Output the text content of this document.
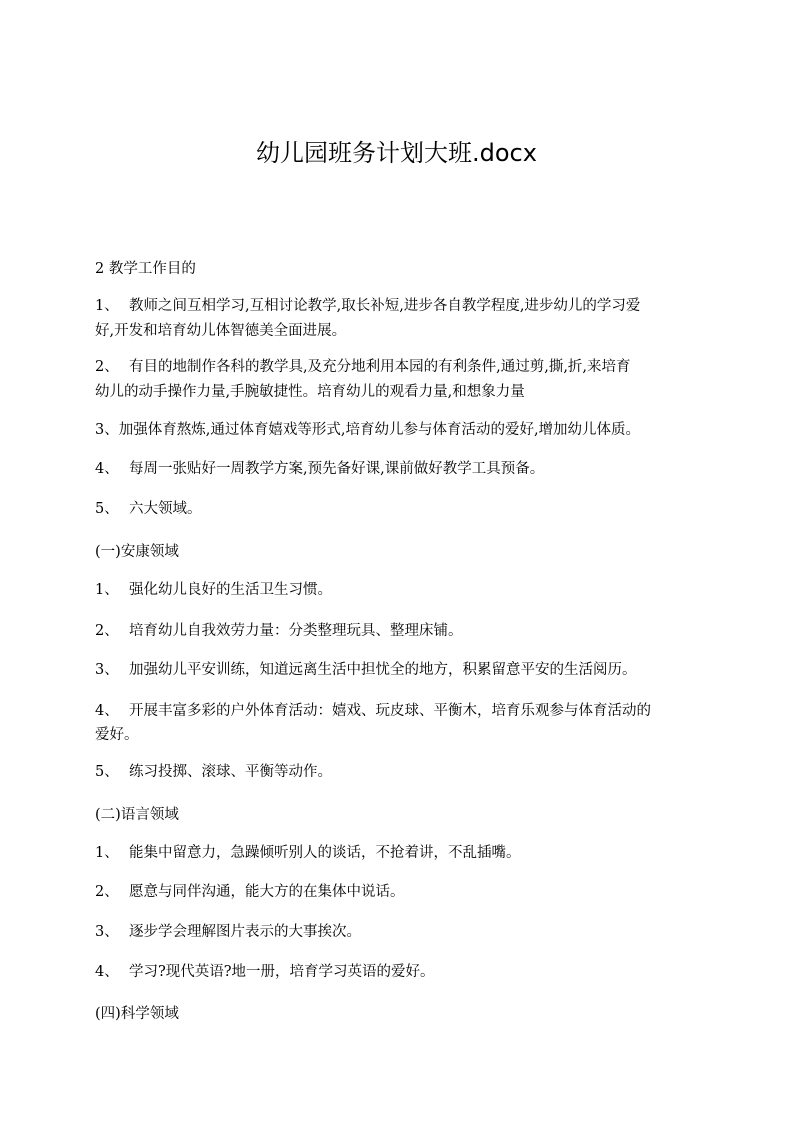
幼儿园班务计划大班.docx

2 教学工作目的

1、 教师之间互相学习,互相讨论教学,取长补短,进步各自教学程度,进步幼儿的学习爱

好,开发和培育幼儿体智德美全面进展。

2、 有目的地制作各科的教学具,及充分地利用本园的有利条件,通过剪,撕,折,来培育

幼儿的动手操作力量,手腕敏捷性。培育幼儿的观看力量,和想象力量

3、加强体育熬炼,通过体育嬉戏等形式,培育幼儿参与体育活动的爱好,增加幼儿体质。

4、 每周一张贴好一周教学方案,预先备好课,课前做好教学工具预备。

5、 六大领域。

(一)安康领域

1、 强化幼儿良好的生活卫生习惯。

2、 培育幼儿自我效劳力量：分类整理玩具、整理床铺。

3、 加强幼儿平安训练，知道远离生活中担忧全的地方，积累留意平安的生活阅历。

4、 开展丰富多彩的户外体育活动：嬉戏、玩皮球、平衡木，培育乐观参与体育活动的

爱好。

5、 练习投掷、滚球、平衡等动作。

(二)语言领域

1、 能集中留意力，急躁倾听别人的谈话，不抢着讲，不乱插嘴。

2、 愿意与同伴沟通，能大方的在集体中说话。

3、 逐步学会理解图片表示的大事挨次。

4、 学习?现代英语?地一册，培育学习英语的爱好。

(四)科学领域
